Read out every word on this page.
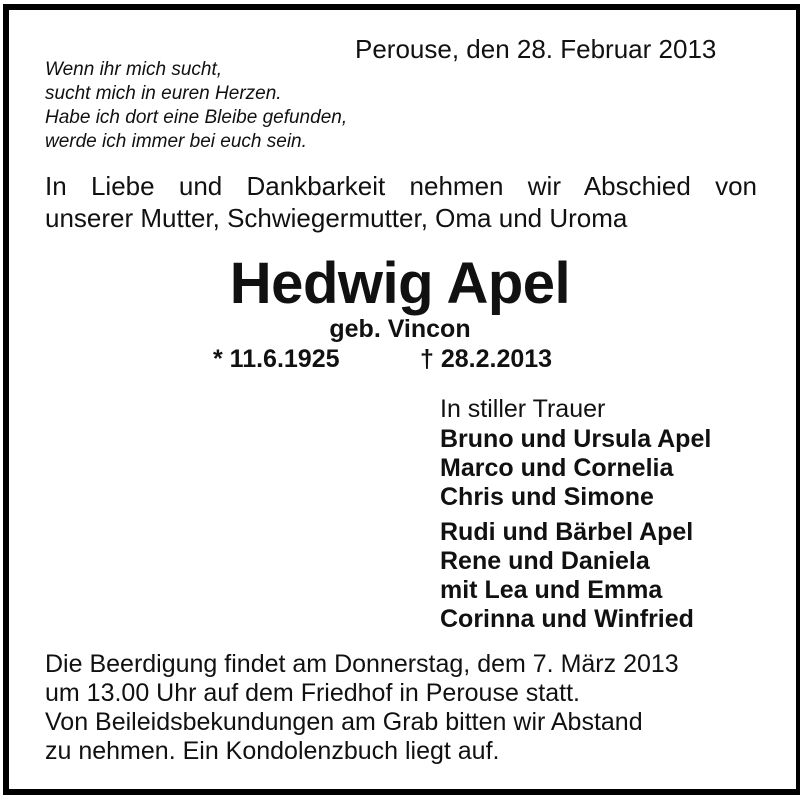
Perouse, den 28. Februar 2013
Wenn ihr mich sucht,
sucht mich in euren Herzen.
Habe ich dort eine Bleibe gefunden,
werde ich immer bei euch sein.
In Liebe und Dankbarkeit nehmen wir Abschied von
unserer Mutter, Schwiegermutter, Oma und Uroma
Hedwig Apel
geb. Vincon
* 11.6.1925	† 28.2.2013
In stiller Trauer
Bruno und Ursula Apel
Marco und Cornelia
Chris und Simone
Rudi und Bärbel Apel
Rene und Daniela
mit Lea und Emma
Corinna und Winfried
Die Beerdigung findet am Donnerstag, dem 7. März 2013
um 13.00 Uhr auf dem Friedhof in Perouse statt.
Von Beileidsbekundungen am Grab bitten wir Abstand
zu nehmen. Ein Kondolenzbuch liegt auf.
